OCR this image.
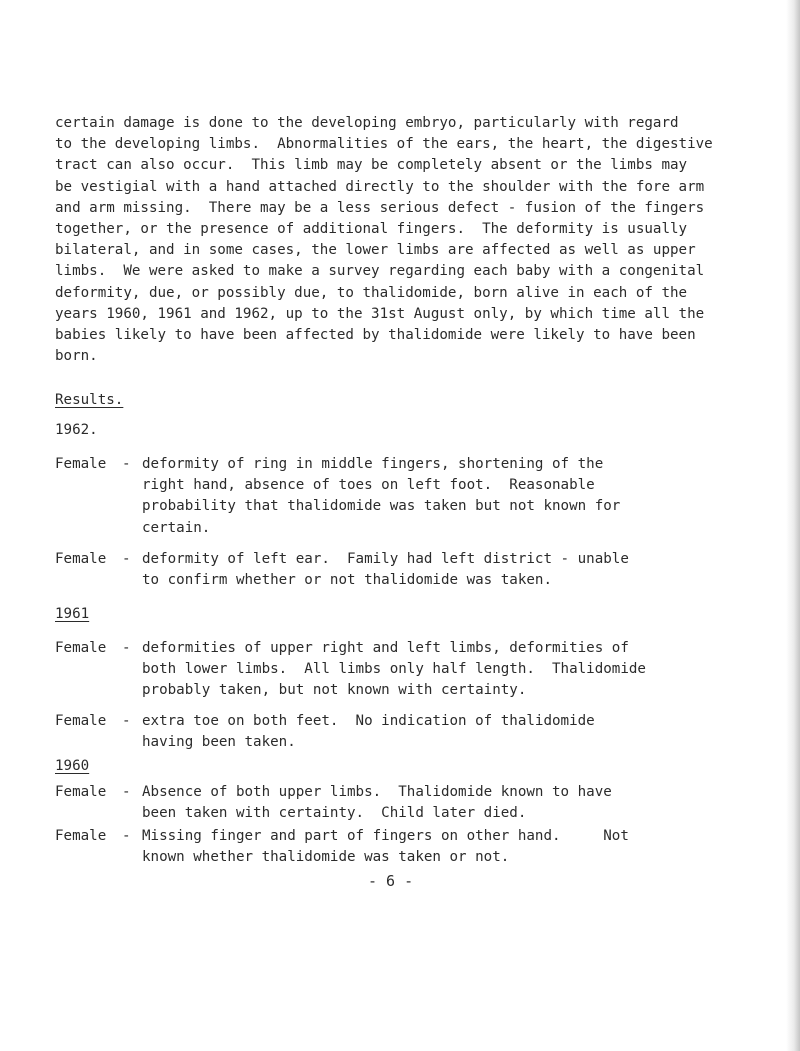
certain damage is done to the developing embryo, particularly with regard
to the developing limbs.  Abnormalities of the ears, the heart, the digestive
tract can also occur.  This limb may be completely absent or the limbs may
be vestigial with a hand attached directly to the shoulder with the fore arm
and arm missing.  There may be a less serious defect - fusion of the fingers
together, or the presence of additional fingers.  The deformity is usually
bilateral, and in some cases, the lower limbs are affected as well as upper
limbs.  We were asked to make a survey regarding each baby with a congenital
deformity, due, or possibly due, to thalidomide, born alive in each of the
years 1960, 1961 and 1962, up to the 31st August only, by which time all the
babies likely to have been affected by thalidomide were likely to have been
born.
Results.
1962.
Female - deformity of ring in middle fingers, shortening of the
right hand, absence of toes on left foot.  Reasonable
probability that thalidomide was taken but not known for
certain.
Female - deformity of left ear.  Family had left district - unable
to confirm whether or not thalidomide was taken.
1961
Female - deformities of upper right and left limbs, deformities of
both lower limbs.  All limbs only half length.  Thalidomide
probably taken, but not known with certainty.
Female - extra toe on both feet.  No indication of thalidomide
having been taken.
1960
Female - Absence of both upper limbs.  Thalidomide known to have
been taken with certainty.  Child later died.
Female - Missing finger and part of fingers on other hand.     Not
known whether thalidomide was taken or not.
- 6 -
